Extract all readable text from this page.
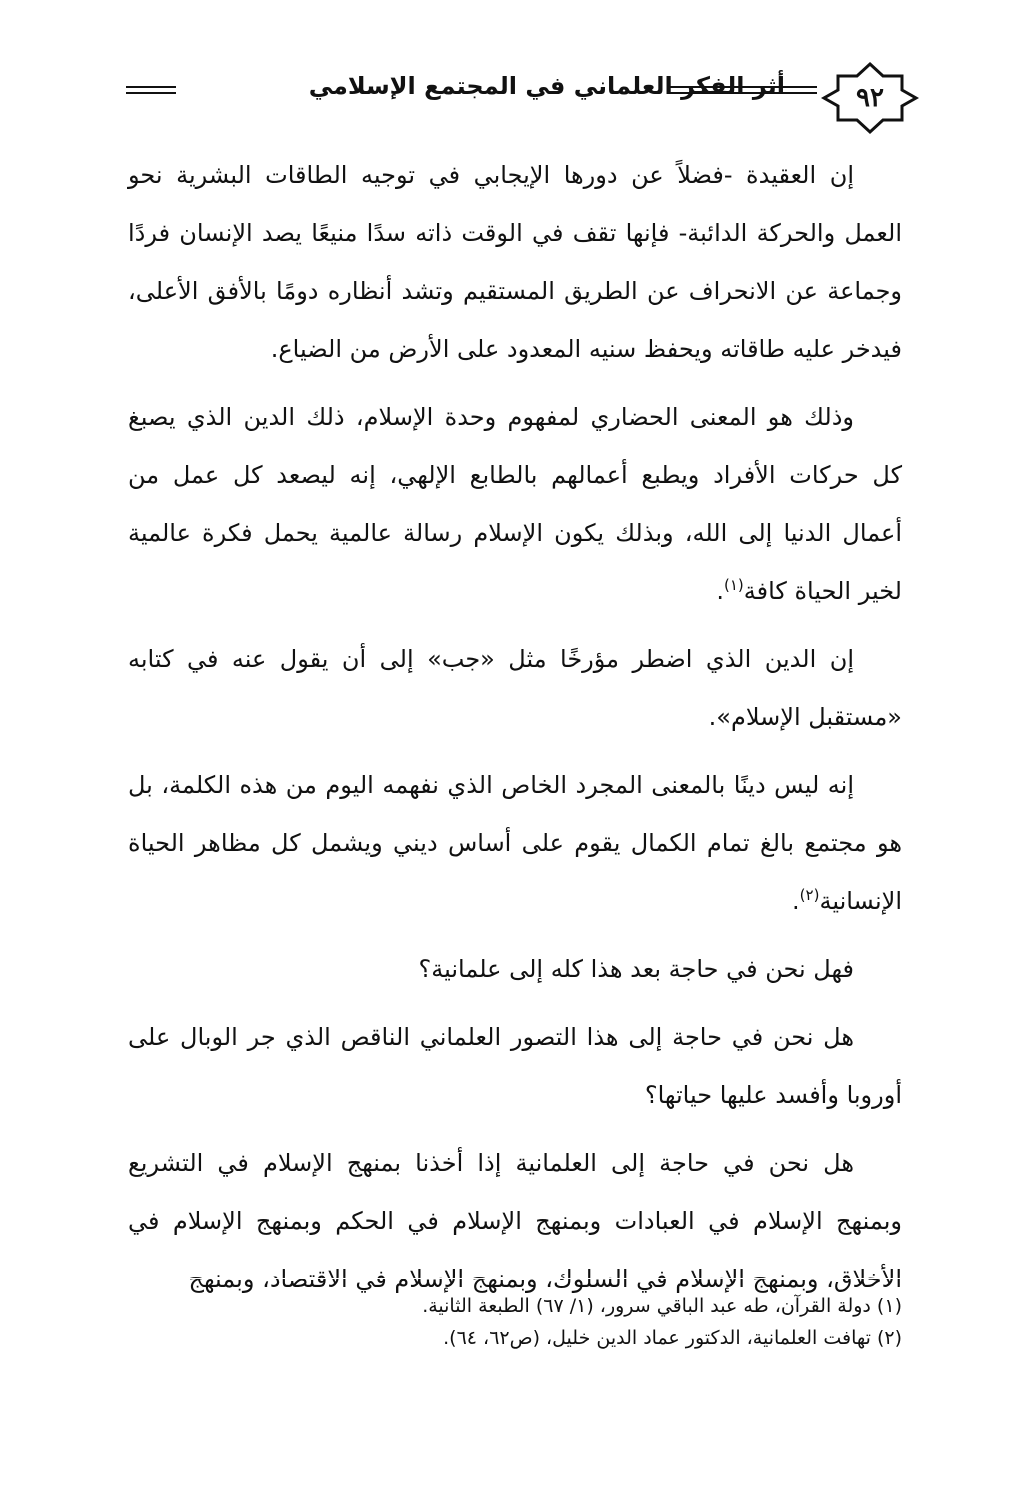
أثر الفكر العلماني في المجتمع الإسلامي	٩٢

إن العقيدة -فضلاً عن دورها الإيجابي في توجيه الطاقات البشرية نحو العمل والحركة الدائبة- فإنها تقف في الوقت ذاته سدًا منيعًا يصد الإنسان فردًا وجماعة عن الانحراف عن الطريق المستقيم وتشد أنظاره دومًا بالأفق الأعلى، فيدخر عليه طاقاته ويحفظ سنيه المعدود على الأرض من الضياع.

وذلك هو المعنى الحضاري لمفهوم وحدة الإسلام، ذلك الدين الذي يصبغ كل حركات الأفراد ويطبع أعمالهم بالطابع الإلهي، إنه ليصعد كل عمل من أعمال الدنيا إلى الله، وبذلك يكون الإسلام رسالة عالمية يحمل فكرة عالمية لخير الحياة كافة$^{(١)}$.

إن الدين الذي اضطر مؤرخًا مثل «جب» إلى أن يقول عنه في كتابه «مستقبل الإسلام».

إنه ليس دينًا بالمعنى المجرد الخاص الذي نفهمه اليوم من هذه الكلمة، بل هو مجتمع بالغ تمام الكمال يقوم على أساس ديني ويشمل كل مظاهر الحياة الإنسانية$^{(٢)}$.

فهل نحن في حاجة بعد هذا كله إلى علمانية؟

هل نحن في حاجة إلى هذا التصور العلماني الناقص الذي جر الوبال على أوروبا وأفسد عليها حياتها؟

هل نحن في حاجة إلى العلمانية إذا أخذنا بمنهج الإسلام في التشريع وبمنهج الإسلام في العبادات وبمنهج الإسلام في الحكم وبمنهج الإسلام في الأخلاق، وبمنهج الإسلام في السلوك، وبمنهج الإسلام في الاقتصاد، وبمنهج

(١) دولة القرآن، طه عبد الباقي سرور، (١/ ٦٧) الطبعة الثانية.

(٢) تهافت العلمانية، الدكتور عماد الدين خليل، (ص٦٢، ٦٤).
